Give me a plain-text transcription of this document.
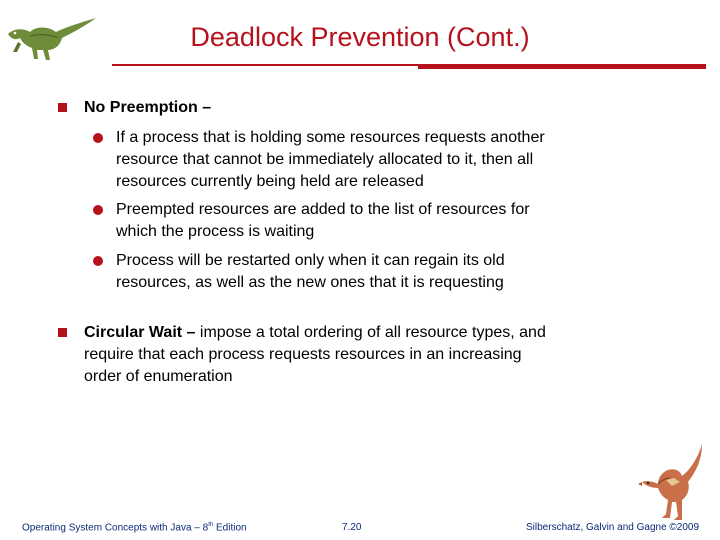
Deadlock Prevention (Cont.)
No Preemption –
If a process that is holding some resources requests another
resource that cannot be immediately allocated to it, then all
resources currently being held are released
Preempted resources are added to the list of resources for
which the process is waiting
Process will be restarted only when it can regain its old
resources, as well as the new ones that it is requesting
Circular Wait – impose a total ordering of all resource types, and
require that each process requests resources in an increasing
order of enumeration
Operating System Concepts with Java – 8th Edition	7.20	Silberschatz, Galvin and Gagne ©2009
